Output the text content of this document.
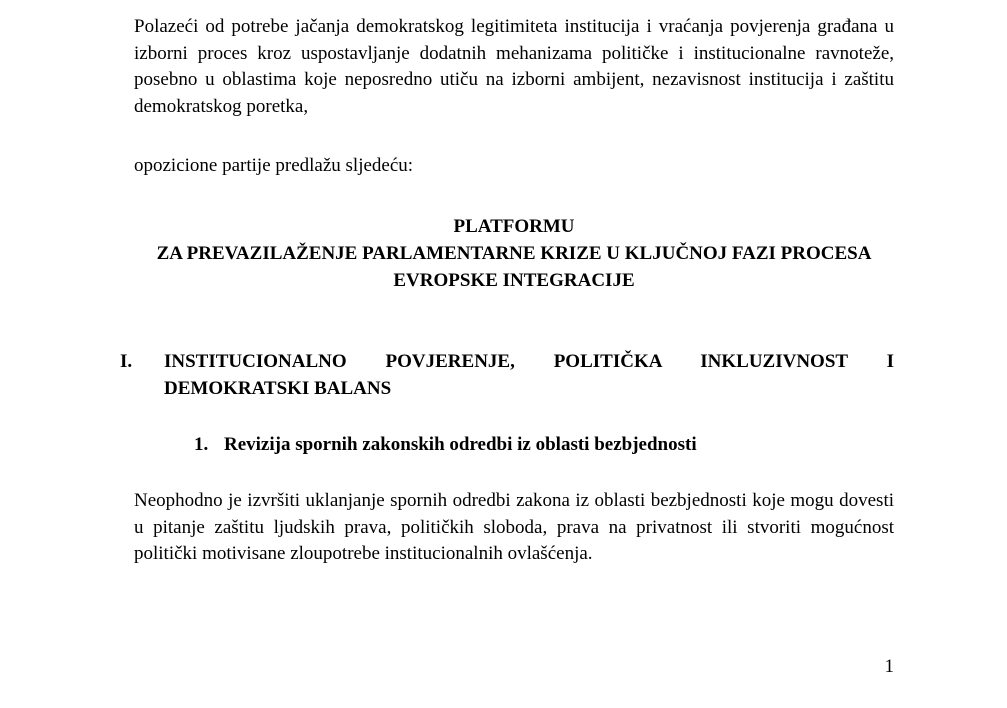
Polazeći od potrebe jačanja demokratskog legitimiteta institucija i vraćanja povjerenja građana u izborni proces kroz uspostavljanje dodatnih mehanizama političke i institucionalne ravnoteže, posebno u oblastima koje neposredno utiču na izborni ambijent, nezavisnost institucija i zaštitu demokratskog poretka,

opozicione partije predlažu sljedeću:

PLATFORMU
ZA PREVAZILAŽENJE PARLAMENTARNE KRIZE U KLJUČNOJ FAZI PROCESA
EVROPSKE INTEGRACIJE
I. INSTITUCIONALNO POVJERENJE, POLITIČKA INKLUZIVNOST I
DEMOKRATSKI BALANS
1. Revizija spornih zakonskih odredbi iz oblasti bezbjednosti

Neophodno je izvršiti uklanjanje spornih odredbi zakona iz oblasti bezbjednosti koje mogu dovesti u pitanje zaštitu ljudskih prava, političkih sloboda, prava na privatnost ili stvoriti mogućnost politički motivisane zloupotrebe institucionalnih ovlašćenja.

1
